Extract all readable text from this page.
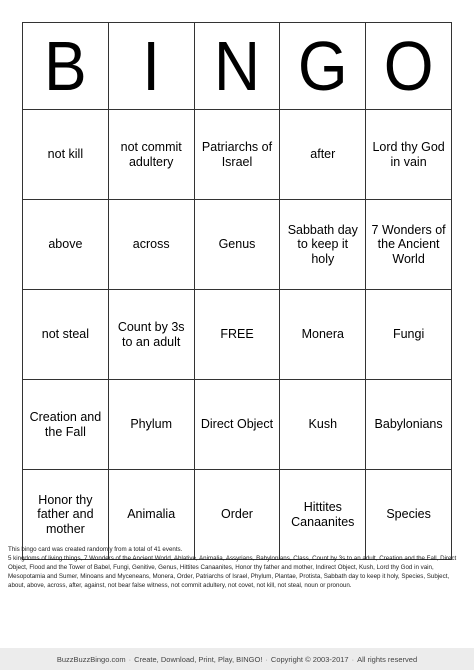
B	I	N	G	O
not kill	not commit adultery	Patriarchs of Israel	after	Lord thy God in vain
above	across	Genus	Sabbath day to keep it holy	7 Wonders of the Ancient World
not steal	Count by 3s to an adult	FREE	Monera	Fungi
Creation and the Fall	Phylum	Direct Object	Kush	Babylonians
Honor thy father and mother	Animalia	Order	Hittites Canaanites	Species

This bingo card was created randomly from a total of 41 events.

5 kingdoms of living things, 7 Wonders of the Ancient World, Ablative, Animalia, Assyrians, Babylonians, Class, Count by 3s to an adult, Creation and the Fall, Direct Object, Flood and the Tower of Babel, Fungi, Genitive, Genus, Hittites Canaanites, Honor thy father and mother, Indirect Object, Kush, Lord thy God in vain, Mesopotamia and Sumer, Minoans and Myceneans, Monera, Order, Patriarchs of Israel, Phylum, Plantae, Protista, Sabbath day to keep it holy, Species, Subject, about, above, across, after, against, not bear false witness, not commit adultery, not covet, not kill, not steal, noun or pronoun.

BuzzBuzzBingo.com · Create, Download, Print, Play, BINGO! · Copyright © 2003-2017 · All rights reserved
